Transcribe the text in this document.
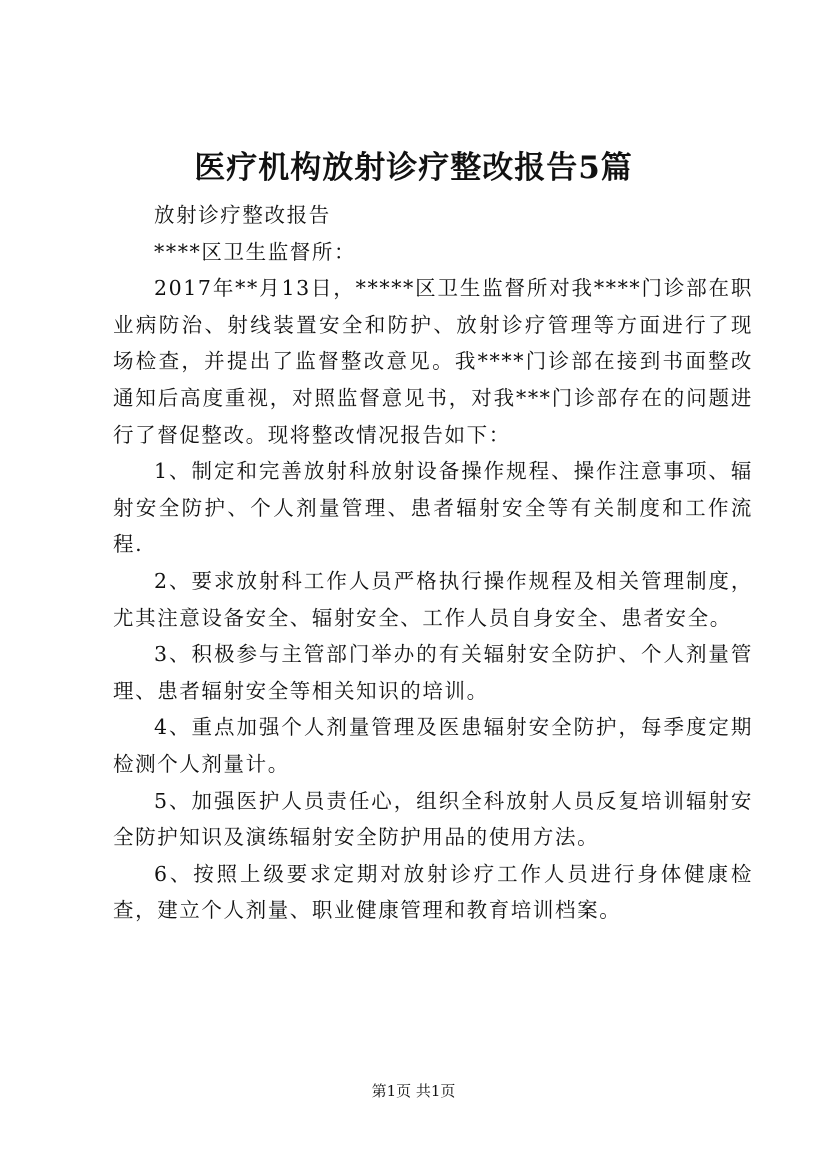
医疗机构放射诊疗整改报告5篇

放射诊疗整改报告

****区卫生监督所：

2017年**月13日，*****区卫生监督所对我****门诊部在职业病防治、射线装置安全和防护、放射诊疗管理等方面进行了现场检查，并提出了监督整改意见。我****门诊部在接到书面整改通知后高度重视，对照监督意见书，对我***门诊部存在的问题进行了督促整改。现将整改情况报告如下：

1、制定和完善放射科放射设备操作规程、操作注意事项、辐射安全防护、个人剂量管理、患者辐射安全等有关制度和工作流程.

2、要求放射科工作人员严格执行操作规程及相关管理制度，尤其注意设备安全、辐射安全、工作人员自身安全、患者安全。

3、积极参与主管部门举办的有关辐射安全防护、个人剂量管理、患者辐射安全等相关知识的培训。

4、重点加强个人剂量管理及医患辐射安全防护，每季度定期检测个人剂量计。

5、加强医护人员责任心，组织全科放射人员反复培训辐射安全防护知识及演练辐射安全防护用品的使用方法。

6、按照上级要求定期对放射诊疗工作人员进行身体健康检查，建立个人剂量、职业健康管理和教育培训档案。

第1页 共1页
